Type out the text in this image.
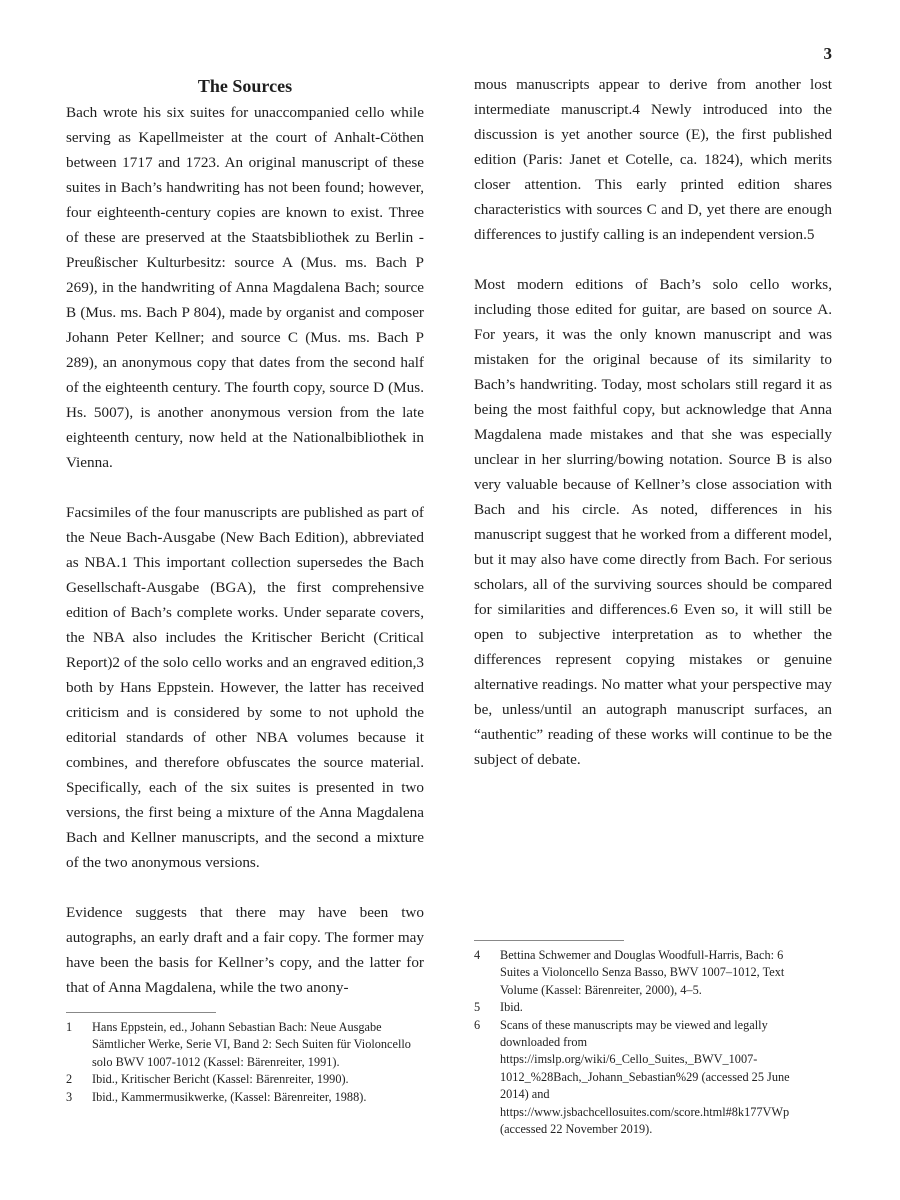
3
The Sources

Bach wrote his six suites for unaccompanied cello while serving as Kapellmeister at the court of Anhalt-Cöthen between 1717 and 1723. An original manuscript of these suites in Bach’s handwriting has not been found; however, four eighteenth-century copies are known to exist. Three of these are preserved at the Staatsbibliothek zu Berlin - Preußischer Kulturbesitz: source A (Mus. ms. Bach P 269), in the handwriting of Anna Magdalena Bach; source B (Mus. ms. Bach P 804), made by organist and composer Johann Peter Kellner; and source C (Mus. ms. Bach P 289), an anonymous copy that dates from the second half of the eighteenth century. The fourth copy, source D (Mus. Hs. 5007), is another anonymous version from the late eighteenth century, now held at the Nationalbibliothek in Vienna.

Facsimiles of the four manuscripts are published as part of the Neue Bach-Ausgabe (New Bach Edition), abbreviated as NBA.1 This important collection supersedes the Bach Gesellschaft-Ausgabe (BGA), the first comprehensive edition of Bach’s complete works. Under separate covers, the NBA also includes the Kritischer Bericht (Critical Report)2 of the solo cello works and an engraved edition,3 both by Hans Eppstein. However, the latter has received criticism and is considered by some to not uphold the editorial standards of other NBA volumes because it combines, and therefore obfuscates the source material. Specifically, each of the six suites is presented in two versions, the first being a mixture of the Anna Magdalena Bach and Kellner manuscripts, and the second a mixture of the two anonymous versions.

Evidence suggests that there may have been two autographs, an early draft and a fair copy. The former may have been the basis for Kellner’s copy, and the latter for that of Anna Magdalena, while the two anony-

mous manuscripts appear to derive from another lost intermediate manuscript.4 Newly introduced into the discussion is yet another source (E), the first published edition (Paris: Janet et Cotelle, ca. 1824), which merits closer attention. This early printed edition shares characteristics with sources C and D, yet there are enough differences to justify calling is an independent version.5

Most modern editions of Bach’s solo cello works, including those edited for guitar, are based on source A. For years, it was the only known manuscript and was mistaken for the original because of its similarity to Bach’s handwriting. Today, most scholars still regard it as being the most faithful copy, but acknowledge that Anna Magdalena made mistakes and that she was especially unclear in her slurring/bowing notation. Source B is also very valuable because of Kellner’s close association with Bach and his circle. As noted, differences in his manuscript suggest that he worked from a different model, but it may also have come directly from Bach. For serious scholars, all of the surviving sources should be compared for similarities and differences.6 Even so, it will still be open to subjective interpretation as to whether the differences represent copying mistakes or genuine alternative readings. No matter what your perspective may be, unless/until an autograph manuscript surfaces, an “authentic” reading of these works will continue to be the subject of debate.

1 Hans Eppstein, ed., Johann Sebastian Bach: Neue Ausgabe Sämtlicher Werke, Serie VI, Band 2: Sech Suiten für Violoncello solo BWV 1007-1012 (Kassel: Bärenreiter, 1991).

2 Ibid., Kritischer Bericht (Kassel: Bärenreiter, 1990).

3 Ibid., Kammermusikwerke, (Kassel: Bärenreiter, 1988).

4 Bettina Schwemer and Douglas Woodfull-Harris, Bach: 6 Suites a Violoncello Senza Basso, BWV 1007–1012, Text Volume (Kassel: Bärenreiter, 2000), 4–5.

5 Ibid.

6 Scans of these manuscripts may be viewed and legally downloaded from https://imslp.org/wiki/6_Cello_Suites,_BWV_1007-1012_%28Bach,_Johann_Sebastian%29 (accessed 25 June 2014) and https://www.jsbachcellosuites.com/score.html#8k177VWp (accessed 22 November 2019).
